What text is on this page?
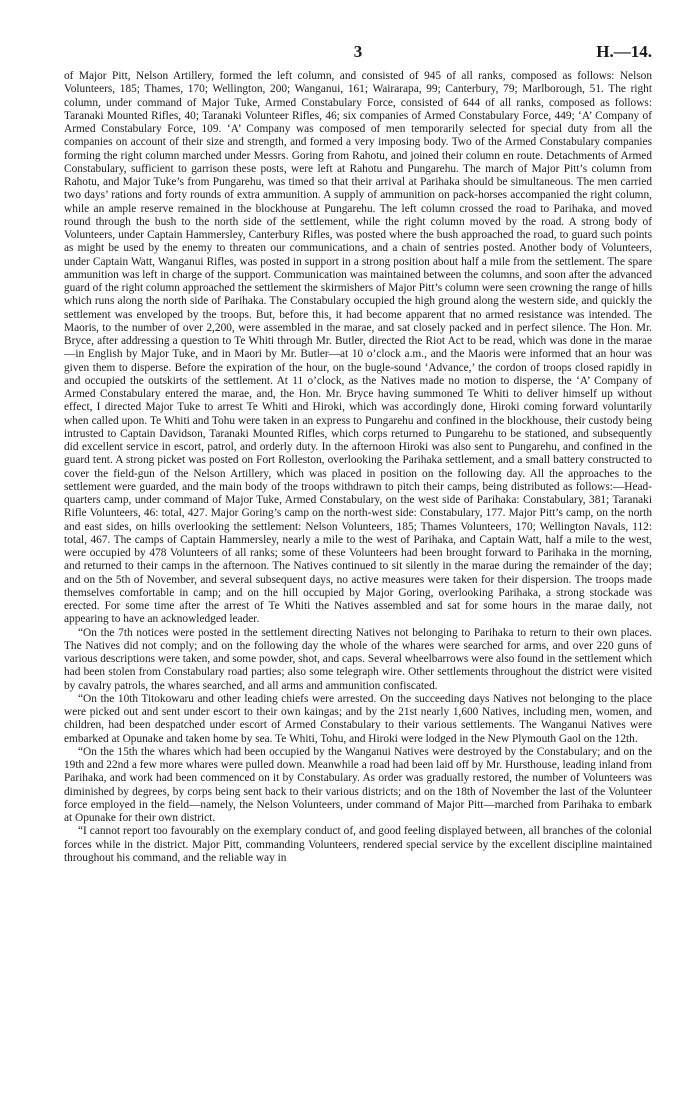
3	H.—14.

of Major Pitt, Nelson Artillery, formed the left column, and consisted of 945 of all ranks, composed as follows: Nelson Volunteers, 185; Thames, 170; Wellington, 200; Wanganui, 161; Wairarapa, 99; Canterbury, 79; Marlborough, 51. The right column, under command of Major Tuke, Armed Constabulary Force, consisted of 644 of all ranks, composed as follows: Taranaki Mounted Rifles, 40; Taranaki Volunteer Rifles, 46; six companies of Armed Constabulary Force, 449; ‘A’ Company of Armed Constabulary Force, 109. ‘A’ Company was composed of men temporarily selected for special duty from all the companies on account of their size and strength, and formed a very imposing body. Two of the Armed Constabulary companies forming the right column marched under Messrs. Goring from Rahotu, and joined their column en route. Detachments of Armed Constabulary, sufficient to garrison these posts, were left at Rahotu and Pungarehu. The march of Major Pitt’s column from Rahotu, and Major Tuke’s from Pungarehu, was timed so that their arrival at Parihaka should be simultaneous. The men carried two days’ rations and forty rounds of extra ammunition. A supply of ammunition on pack-horses accompanied the right column, while an ample reserve remained in the blockhouse at Pungarehu. The left column crossed the road to Parihaka, and moved round through the bush to the north side of the settlement, while the right column moved by the road. A strong body of Volunteers, under Captain Hammersley, Canterbury Rifles, was posted where the bush approached the road, to guard such points as might be used by the enemy to threaten our communications, and a chain of sentries posted. Another body of Volunteers, under Captain Watt, Wanganui Rifles, was posted in support in a strong position about half a mile from the settlement. The spare ammunition was left in charge of the support. Communication was maintained between the columns, and soon after the advanced guard of the right column approached the settlement the skirmishers of Major Pitt’s column were seen crowning the range of hills which runs along the north side of Parihaka. The Constabulary occupied the high ground along the western side, and quickly the settlement was enveloped by the troops. But, before this, it had become apparent that no armed resistance was intended. The Maoris, to the number of over 2,200, were assembled in the marae, and sat closely packed and in perfect silence. The Hon. Mr. Bryce, after addressing a question to Te Whiti through Mr. Butler, directed the Riot Act to be read, which was done in the marae—in English by Major Tuke, and in Maori by Mr. Butler—at 10 o’clock a.m., and the Maoris were informed that an hour was given them to disperse. Before the expiration of the hour, on the bugle-sound ‘Advance,’ the cordon of troops closed rapidly in and occupied the outskirts of the settlement. At 11 o’clock, as the Natives made no motion to disperse, the ‘A’ Company of Armed Constabulary entered the marae, and, the Hon. Mr. Bryce having summoned Te Whiti to deliver himself up without effect, I directed Major Tuke to arrest Te Whiti and Hiroki, which was accordingly done, Hiroki coming forward voluntarily when called upon. Te Whiti and Tohu were taken in an express to Pungarehu and confined in the blockhouse, their custody being intrusted to Captain Davidson, Taranaki Mounted Rifles, which corps returned to Pungarehu to be stationed, and subsequently did excellent service in escort, patrol, and orderly duty. In the afternoon Hiroki was also sent to Pungarehu, and confined in the guard tent. A strong picket was posted on Fort Rolleston, overlooking the Parihaka settlement, and a small battery constructed to cover the field-gun of the Nelson Artillery, which was placed in position on the following day. All the approaches to the settlement were guarded, and the main body of the troops withdrawn to pitch their camps, being distributed as follows:—Head-quarters camp, under command of Major Tuke, Armed Constabulary, on the west side of Parihaka: Constabulary, 381; Taranaki Rifle Volunteers, 46: total, 427. Major Goring’s camp on the north-west side: Constabulary, 177. Major Pitt’s camp, on the north and east sides, on hills overlooking the settlement: Nelson Volunteers, 185; Thames Volunteers, 170; Wellington Navals, 112: total, 467. The camps of Captain Hammersley, nearly a mile to the west of Parihaka, and Captain Watt, half a mile to the west, were occupied by 478 Volunteers of all ranks; some of these Volunteers had been brought forward to Parihaka in the morning, and returned to their camps in the afternoon. The Natives continued to sit silently in the marae during the remainder of the day; and on the 5th of November, and several subsequent days, no active measures were taken for their dispersion. The troops made themselves comfortable in camp; and on the hill occupied by Major Goring, overlooking Parihaka, a strong stockade was erected. For some time after the arrest of Te Whiti the Natives assembled and sat for some hours in the marae daily, not appearing to have an acknowledged leader.

“On the 7th notices were posted in the settlement directing Natives not belonging to Parihaka to return to their own places. The Natives did not comply; and on the following day the whole of the whares were searched for arms, and over 220 guns of various descriptions were taken, and some powder, shot, and caps. Several wheelbarrows were also found in the settlement which had been stolen from Constabulary road parties; also some telegraph wire. Other settlements throughout the district were visited by cavalry patrols, the whares searched, and all arms and ammunition confiscated.

“On the 10th Titokowaru and other leading chiefs were arrested. On the succeeding days Natives not belonging to the place were picked out and sent under escort to their own kaingas; and by the 21st nearly 1,600 Natives, including men, women, and children, had been despatched under escort of Armed Constabulary to their various settlements. The Wanganui Natives were embarked at Opunake and taken home by sea. Te Whiti, Tohu, and Hiroki were lodged in the New Plymouth Gaol on the 12th.

“On the 15th the whares which had been occupied by the Wanganui Natives were destroyed by the Constabulary; and on the 19th and 22nd a few more whares were pulled down. Meanwhile a road had been laid off by Mr. Hursthouse, leading inland from Parihaka, and work had been commenced on it by Constabulary. As order was gradually restored, the number of Volunteers was diminished by degrees, by corps being sent back to their various districts; and on the 18th of November the last of the Volunteer force employed in the field—namely, the Nelson Volunteers, under command of Major Pitt—marched from Parihaka to embark at Opunake for their own district.

“I cannot report too favourably on the exemplary conduct of, and good feeling displayed between, all branches of the colonial forces while in the district. Major Pitt, commanding Volunteers, rendered special service by the excellent discipline maintained throughout his command, and the reliable way in
